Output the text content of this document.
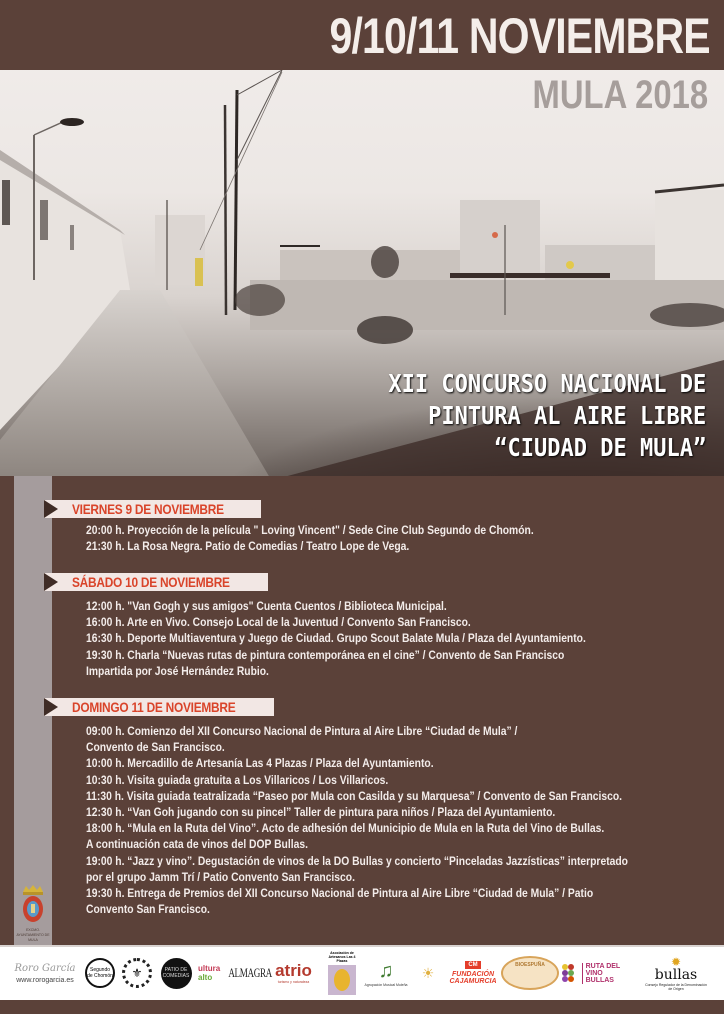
9/10/11 NOVIEMBRE
MULA 2018
XII CONCURSO NACIONAL DE
PINTURA AL AIRE LIBRE
“CIUDAD DE MULA”
VIERNES 9 DE NOVIEMBRE
20:00 h. Proyección de la película " Loving Vincent" / Sede Cine Club Segundo de Chomón.
21:30 h. La Rosa Negra. Patio de Comedias / Teatro Lope de Vega.
SÁBADO 10 DE NOVIEMBRE
12:00 h. "Van Gogh y sus amigos" Cuenta Cuentos / Biblioteca Municipal.
16:00 h. Arte en Vivo. Consejo Local de la Juventud / Convento San Francisco.
16:30 h. Deporte Multiaventura y Juego de Ciudad. Grupo Scout Balate Mula / Plaza del Ayuntamiento.
19:30 h. Charla “Nuevas rutas de pintura contemporánea en el cine” / Convento de San Francisco
Impartida por José Hernández Rubio.
DOMINGO 11 DE NOVIEMBRE
09:00 h. Comienzo del XII Concurso Nacional de Pintura al Aire Libre “Ciudad de Mula” /
Convento de San Francisco.
10:00 h. Mercadillo de Artesanía Las 4 Plazas / Plaza del Ayuntamiento.
10:30 h. Visita guiada gratuita a Los Villaricos / Los Villaricos.
11:30 h. Visita guiada teatralizada “Paseo por Mula con Casilda y su Marquesa” / Convento de San Francisco.
12:30 h. “Van Goh jugando con su pincel” Taller de pintura para niños / Plaza del Ayuntamiento.
18:00 h. “Mula en la Ruta del Vino”. Acto de adhesión del Municipio de Mula en la Ruta del Vino de Bullas.
A continuación cata de vinos del DOP Bullas.
19:00 h. “Jazz y vino”. Degustación de vinos de la DO Bullas y concierto “Pinceladas Jazzísticas” interpretado
por el grupo Jamm Trí / Patio Convento San Francisco.
19:30 h. Entrega de Premios del XII Concurso Nacional de Pintura al Aire Libre “Ciudad de Mula” / Patio
Convento San Francisco.
EXCMO. AYUNTAMIENTO DE MULA
Roro García
www.rorogarcia.es
Segundo de Chomón	⚜	PATIO DE COMEDIAS
ultura
alto ALMAGRA atrio
turismo y naturaleza
Asociación de Artesanos Las 4 Plazas	♫
Agrupación Musical Muleña
☀	CM
FUNDACIÓN
CAJAMURCIA
BIOESPUÑA	RUTA DEL VINO
BULLAS
✹
bullas
Consejo Regulador de la Denominación de Origen
